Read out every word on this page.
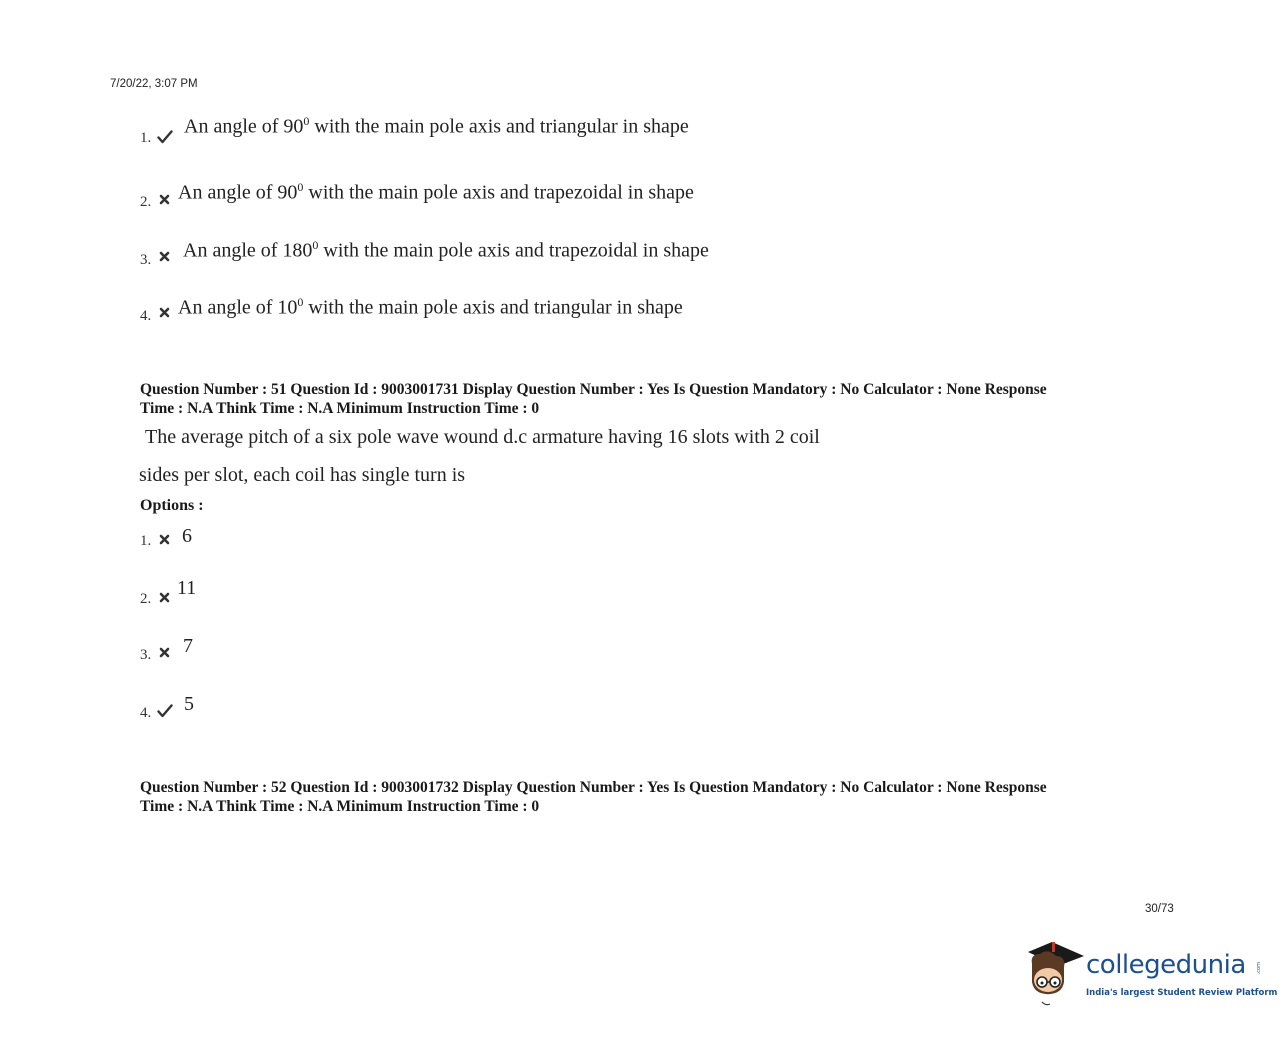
7/20/22, 3:07 PM
1.
An angle of $90^0$ with the main pole axis and triangular in shape
2. An angle of $90^0$ with the main pole axis and trapezoidal in shape
3. An angle of $180^0$ with the main pole axis and trapezoidal in shape
4. An angle of $10^0$ with the main pole axis and triangular in shape
Question Number : 51 Question Id : 9003001731 Display Question Number : Yes Is Question Mandatory : No Calculator : None Response
Time : N.A Think Time : N.A Minimum Instruction Time : 0
The average pitch of a six pole wave wound d.c armature having 16 slots with 2 coil
sides per slot, each coil has single turn is
Options :
1. 6
2. 11
3. 7
4. 5
Question Number : 52 Question Id : 9003001732 Display Question Number : Yes Is Question Mandatory : No Calculator : None Response
Time : N.A Think Time : N.A Minimum Instruction Time : 0
30/73
collegedunia .com
India's largest Student Review Platform
